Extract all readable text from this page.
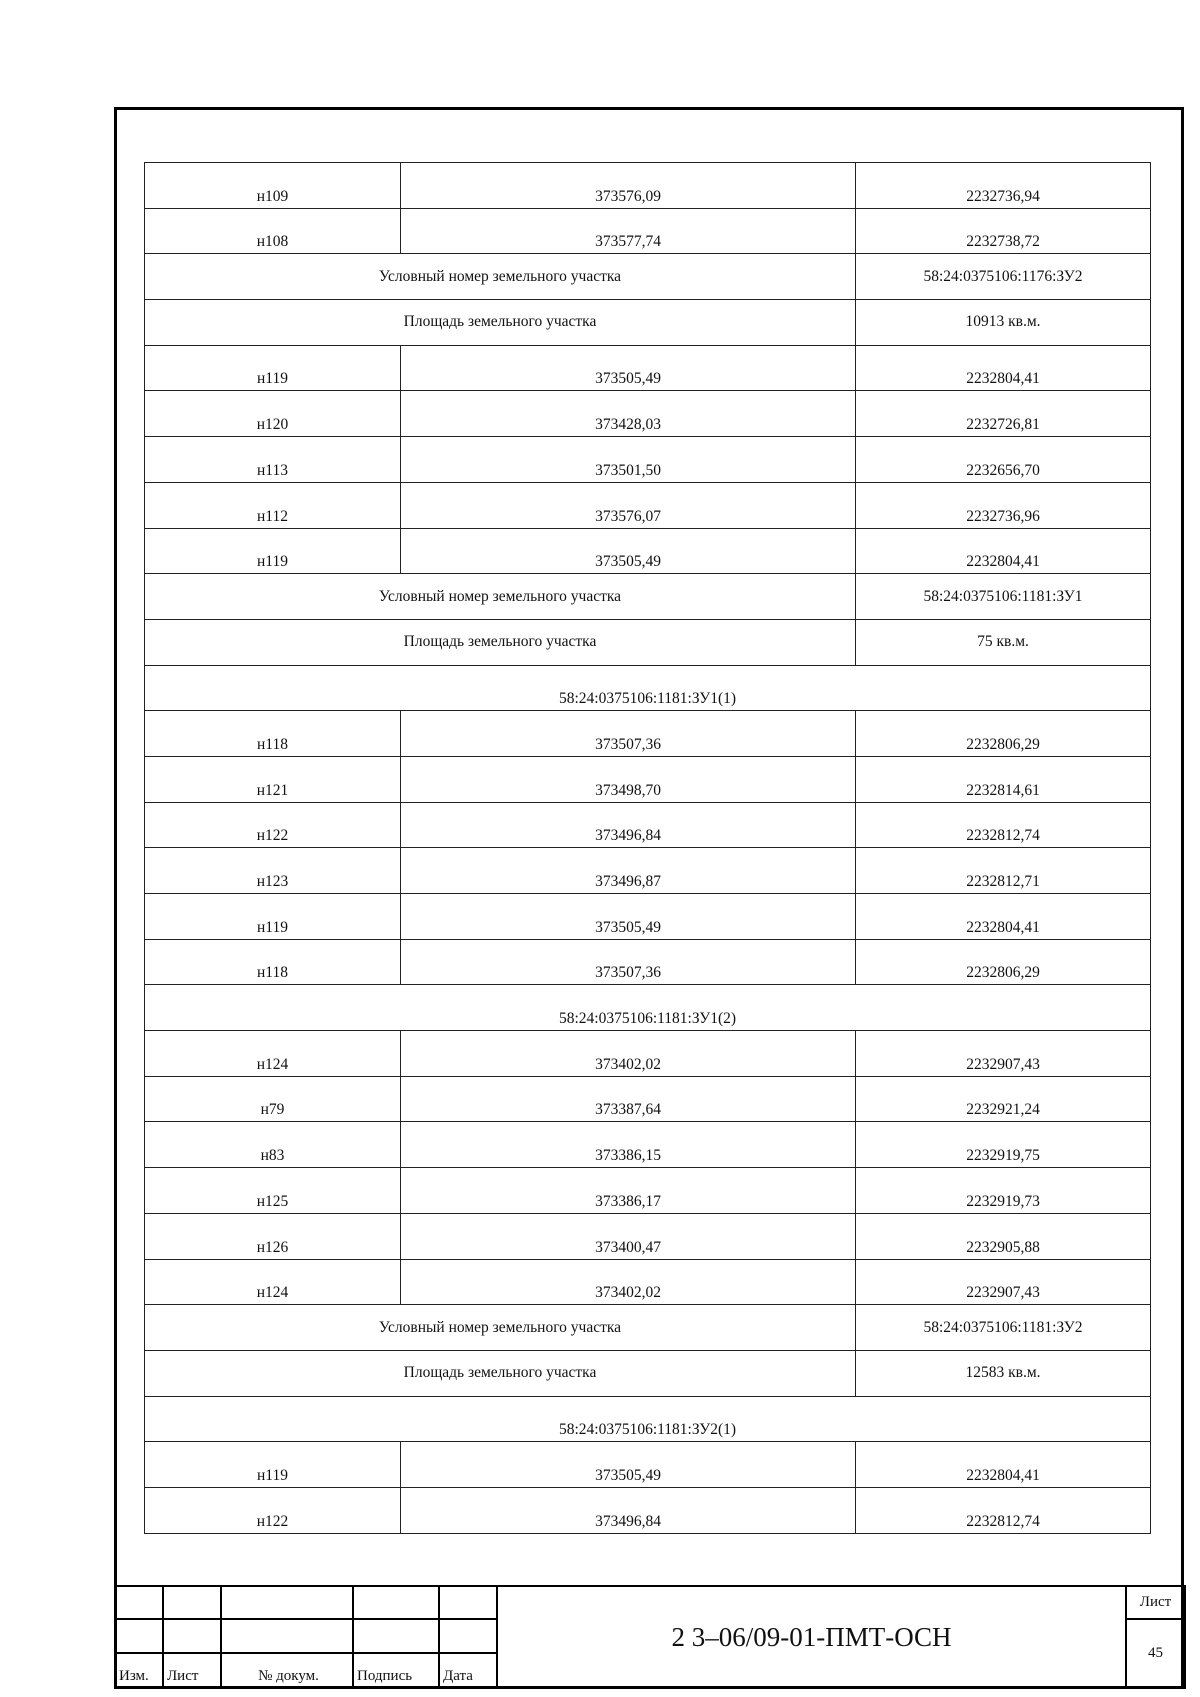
н109	373576,09	2232736,94
н108	373577,74	2232738,72
Условный номер земельного участка		58:24:0375106:1176:ЗУ2
Площадь земельного участка		10913 кв.м.
н119	373505,49	2232804,41
н120	373428,03	2232726,81
н113	373501,50	2232656,70
н112	373576,07	2232736,96
н119	373505,49	2232804,41
Условный номер земельного участка		58:24:0375106:1181:ЗУ1
Площадь земельного участка		75 кв.м.
58:24:0375106:1181:ЗУ1(1)		
н118	373507,36	2232806,29
н121	373498,70	2232814,61
н122	373496,84	2232812,74
н123	373496,87	2232812,71
н119	373505,49	2232804,41
н118	373507,36	2232806,29
58:24:0375106:1181:ЗУ1(2)		
н124	373402,02	2232907,43
н79	373387,64	2232921,24
н83	373386,15	2232919,75
н125	373386,17	2232919,73
н126	373400,47	2232905,88
н124	373402,02	2232907,43
Условный номер земельного участка		58:24:0375106:1181:ЗУ2
Площадь земельного участка		12583 кв.м.
58:24:0375106:1181:ЗУ2(1)		
н119	373505,49	2232804,41
н122	373496,84	2232812,74
					2 3–06/09-01-ПМТ-ОСН	Лист
						45
Изм.	Лист	№ докум.	Подпись	Дата		
